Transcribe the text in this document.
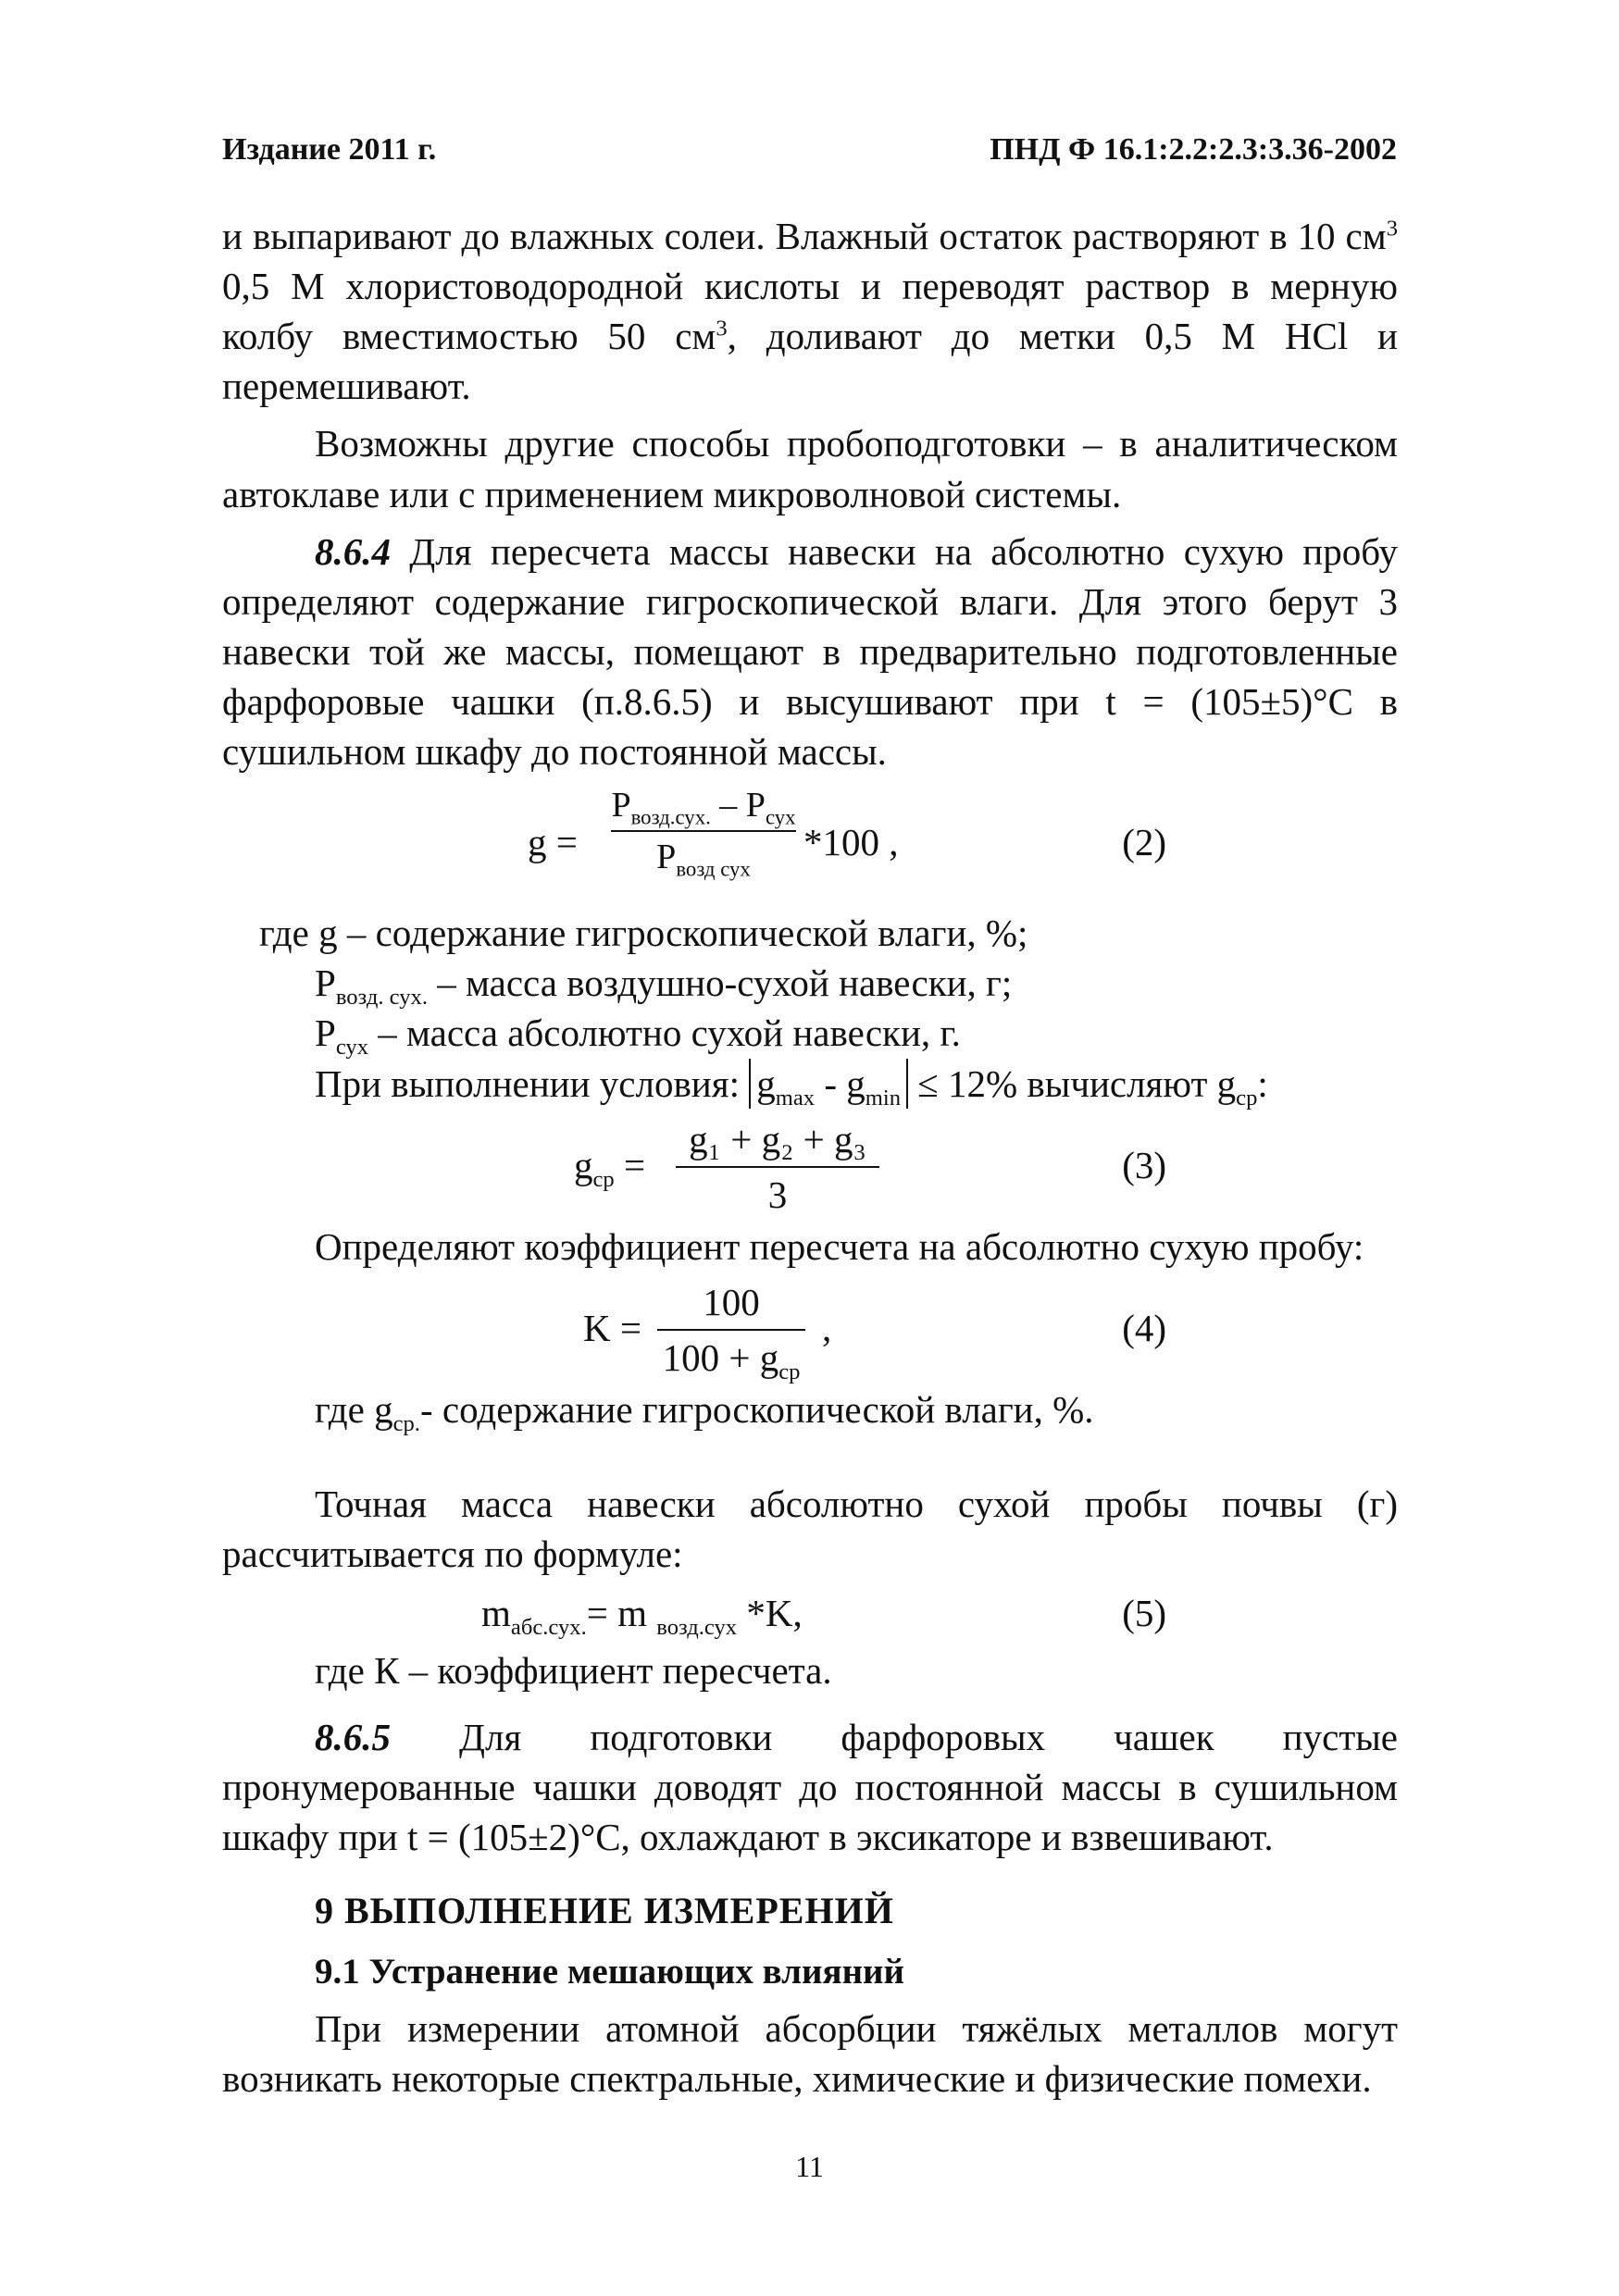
Издание 2011 г.	ПНД Ф 16.1:2.2:2.3:3.36-2002

и выпаривают до влажных солеи. Влажный остаток растворяют в 10 $см^3$ 0,5 М хлористоводородной кислоты и переводят раствор в мерную колбу вместимостью 50 $см^3$, доливают до метки 0,5 М НСl и перемешивают.

Возможны другие способы пробоподготовки – в аналитическом автоклаве или с применением микроволновой системы.

8.6.4 Для пересчета массы навески на абсолютно сухую пробу определяют содержание гигроскопической влаги. Для этого берут 3 навески той же массы, помещают в предварительно подготовленные фарфоровые чашки (п.8.6.5) и высушивают при t = (105±5)°С в сушильном шкафу до постоянной массы.

g =
$P_{возд.сух.} - P_{сух}$
$P_{возд сух}$
*100 ,	(2)

где g – содержание гигроскопической влаги, %;

$P_{возд. сух.}$ – масса воздушно-сухой навески, г;

$P_{сух}$ – масса абсолютно сухой навески, г.

При выполнении условия: $g_{max} - g_{min} \le 12\%$ вычисляют $g_{ср}$:

$g_{ср}$ =
g₁ + g₂ + g₃
3
(3)

Определяют коэффициент пересчета на абсолютно сухую пробу:

K =
100
$100 + g_{ср}$
,	(4)

где $g_{ср.}-$ содержание гигроскопической влаги, %.

Точная масса навески абсолютно сухой пробы почвы (г) рассчитывается по формуле:

$m_{абс.сух.}= m$ $_{возд.сух}$ *K,	(5)

где К – коэффициент пересчета.

8.6.5 Для подготовки фарфоровых чашек пустые пронумерованные чашки доводят до постоянной массы в сушильном шкафу при t = (105±2)°С, охлаждают в эксикаторе и взвешивают.

9 ВЫПОЛНЕНИЕ ИЗМЕРЕНИЙ
9.1 Устранение мешающих влияний

При измерении атомной абсорбции тяжёлых металлов могут возникать некоторые спектральные, химические и физические помехи.

11
